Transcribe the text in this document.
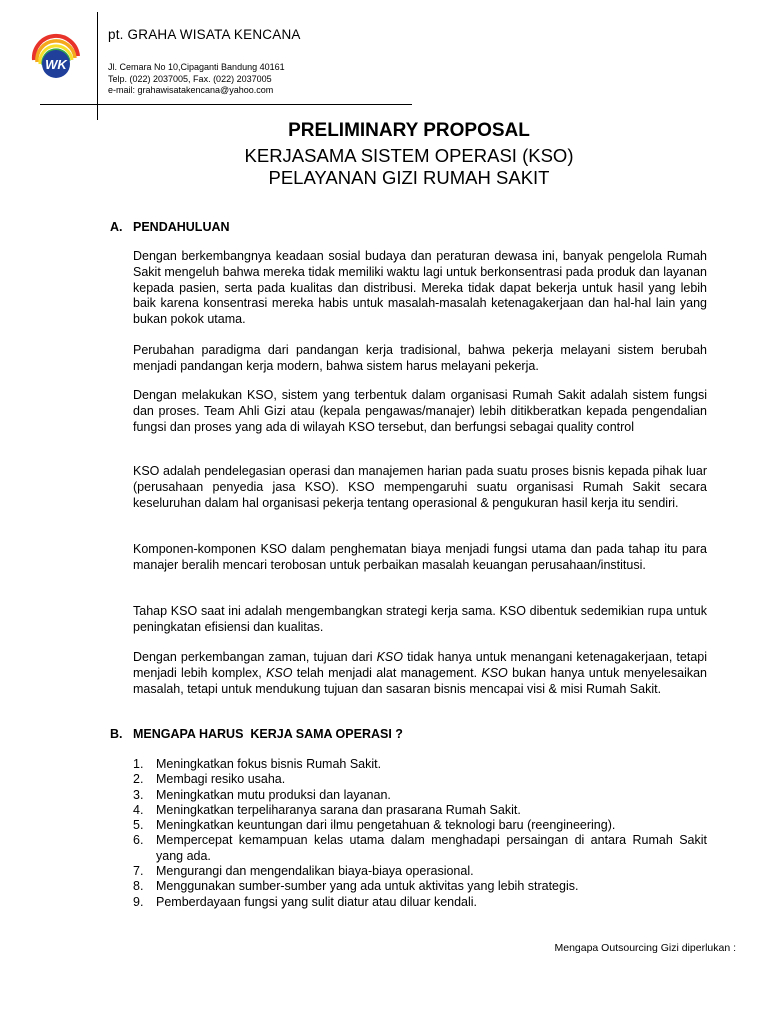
WK
pt. GRAHA WISATA KENCANA
Jl. Cemara No 10,Cipaganti Bandung 40161
Telp. (022) 2037005, Fax. (022) 2037005
e-mail: grahawisatakencana@yahoo.com
PRELIMINARY PROPOSAL
KERJASAMA SISTEM OPERASI (KSO)
PELAYANAN GIZI RUMAH SAKIT
A. PENDAHULUAN
Dengan berkembangnya keadaan sosial budaya dan peraturan dewasa ini, banyak pengelola Rumah Sakit mengeluh bahwa mereka tidak memiliki waktu lagi untuk berkonsentrasi pada produk dan layanan kepada pasien, serta pada kualitas dan distribusi. Mereka tidak dapat bekerja untuk hasil yang lebih baik karena konsentrasi mereka habis untuk masalah-masalah ketenagakerjaan dan hal-hal lain yang bukan pokok utama.
Perubahan paradigma dari pandangan kerja tradisional, bahwa pekerja melayani sistem berubah menjadi pandangan kerja modern, bahwa sistem harus melayani pekerja.
Dengan melakukan KSO, sistem yang terbentuk dalam organisasi Rumah Sakit adalah sistem fungsi dan proses. Team Ahli Gizi atau (kepala pengawas/manajer) lebih ditikberatkan kepada pengendalian fungsi dan proses yang ada di wilayah KSO tersebut, dan berfungsi sebagai quality control
KSO adalah pendelegasian operasi dan manajemen harian pada suatu proses bisnis kepada pihak luar (perusahaan penyedia jasa KSO). KSO mempengaruhi suatu organisasi Rumah Sakit secara keseluruhan dalam hal organisasi pekerja tentang operasional & pengukuran hasil kerja itu sendiri.
Komponen-komponen KSO dalam penghematan biaya menjadi fungsi utama dan pada tahap itu para manajer beralih mencari terobosan untuk perbaikan masalah keuangan perusahaan/institusi.
Tahap KSO saat ini adalah mengembangkan strategi kerja sama. KSO dibentuk sedemikian rupa untuk peningkatan efisiensi dan kualitas.
Dengan perkembangan zaman, tujuan dari KSO tidak hanya untuk menangani ketenagakerjaan, tetapi menjadi lebih komplex, KSO telah menjadi alat management. KSO bukan hanya untuk menyelesaikan masalah, tetapi untuk mendukung tujuan dan sasaran bisnis mencapai visi & misi Rumah Sakit.
B. MENGAPA HARUS  KERJA SAMA OPERASI ?
1. Meningkatkan fokus bisnis Rumah Sakit.
2. Membagi resiko usaha.
3. Meningkatkan mutu produksi dan layanan.
4. Meningkatkan terpeliharanya sarana dan prasarana Rumah Sakit.
5. Meningkatkan keuntungan dari ilmu pengetahuan & teknologi baru (reengineering).
6. Mempercepat kemampuan kelas utama dalam menghadapi persaingan di antara Rumah Sakit yang ada.
7. Mengurangi dan mengendalikan biaya-biaya operasional.
8. Menggunakan sumber-sumber yang ada untuk aktivitas yang lebih strategis.
9. Pemberdayaan fungsi yang sulit diatur atau diluar kendali.
Mengapa Outsourcing Gizi diperlukan :
